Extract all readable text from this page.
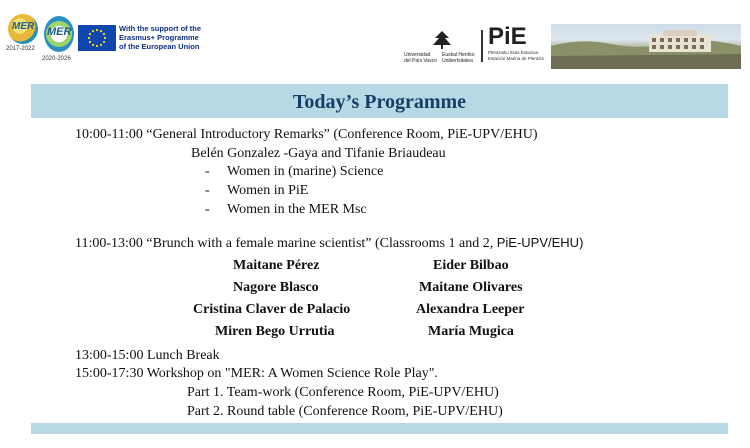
MER
2017-2022
MER
2020-2026
With the support of the
Erasmus+ Programme
of the European Union
Universidad
del País Vasco
Euskal Herriko
Unibertsitatea
PiE
Plentziako Itsas Estazioa
Estación Marina de Plentzia
Today’s Programme
10:00-11:00 “General Introductory Remarks” (Conference Room, PiE-UPV/EHU)
Belén Gonzalez -Gaya and Tifanie Briaudeau
- Women in (marine) Science
- Women in PiE
- Women in the MER Msc
11:00-13:00 “Brunch with a female marine scientist” (Classrooms 1 and 2, PiE-UPV/EHU)
Maitane Pérez
Nagore Blasco
Cristina Claver de Palacio
Miren Bego Urrutia
Eider Bilbao
Maitane Olivares
Alexandra Leeper
María Mugica
13:00-15:00 Lunch Break
15:00-17:30 Workshop on "MER: A Women Science Role Play".
Part 1. Team-work (Conference Room, PiE-UPV/EHU)
Part 2. Round table (Conference Room, PiE-UPV/EHU)
